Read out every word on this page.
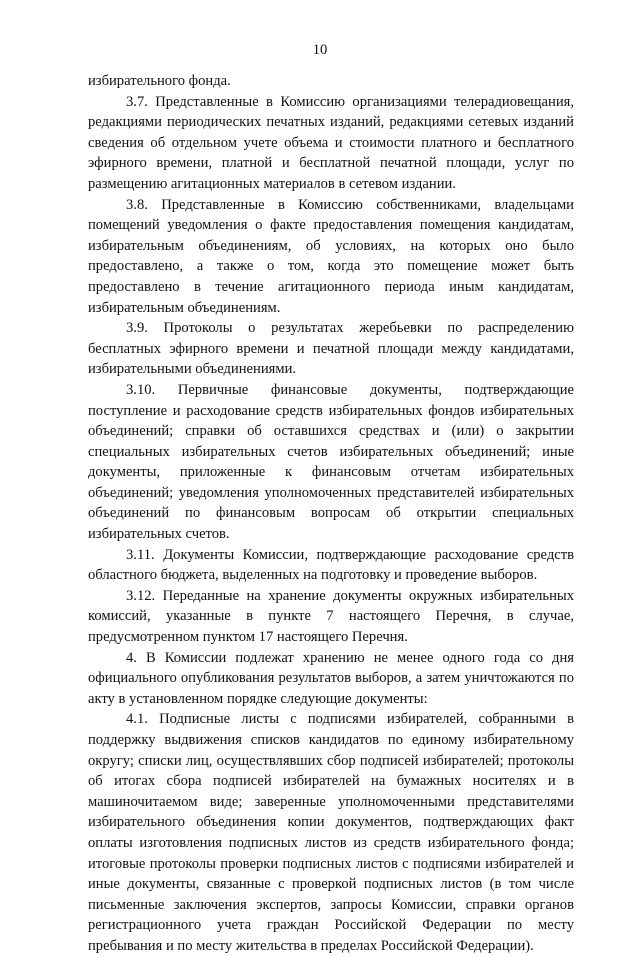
10

избирательного фонда.

3.7. Представленные в Комиссию организациями телерадиовещания, редакциями периодических печатных изданий, редакциями сетевых изданий сведения об отдельном учете объема и стоимости платного и бесплатного эфирного времени, платной и бесплатной печатной площади, услуг по размещению агитационных материалов в сетевом издании.

3.8. Представленные в Комиссию собственниками, владельцами помещений уведомления о факте предоставления помещения кандидатам, избирательным объединениям, об условиях, на которых оно было предоставлено, а также о том, когда это помещение может быть предоставлено в течение агитационного периода иным кандидатам, избирательным объединениям.

3.9. Протоколы о результатах жеребьевки по распределению бесплатных эфирного времени и печатной площади между кандидатами, избирательными объединениями.

3.10. Первичные финансовые документы, подтверждающие поступление и расходование средств избирательных фондов избирательных объединений; справки об оставшихся средствах и (или) о закрытии специальных избирательных счетов избирательных объединений; иные документы, приложенные к финансовым отчетам избирательных объединений; уведомления уполномоченных представителей избирательных объединений по финансовым вопросам об открытии специальных избирательных счетов.

3.11. Документы Комиссии, подтверждающие расходование средств областного бюджета, выделенных на подготовку и проведение выборов.

3.12. Переданные на хранение документы окружных избирательных комиссий, указанные в пункте 7 настоящего Перечня, в случае, предусмотренном пунктом 17 настоящего Перечня.

4. В Комиссии подлежат хранению не менее одного года со дня официального опубликования результатов выборов, а затем уничтожаются по акту в установленном порядке следующие документы:

4.1. Подписные листы с подписями избирателей, собранными в поддержку выдвижения списков кандидатов по единому избирательному округу; списки лиц, осуществлявших сбор подписей избирателей; протоколы об итогах сбора подписей избирателей на бумажных носителях и в машиночитаемом виде; заверенные уполномоченными представителями избирательного объединения копии документов, подтверждающих факт оплаты изготовления подписных листов из средств избирательного фонда; итоговые протоколы проверки подписных листов с подписями избирателей и иные документы, связанные с проверкой подписных листов (в том числе письменные заключения экспертов, запросы Комиссии, справки органов регистрационного учета граждан Российской Федерации по месту пребывания и по месту жительства в пределах Российской Федерации).
